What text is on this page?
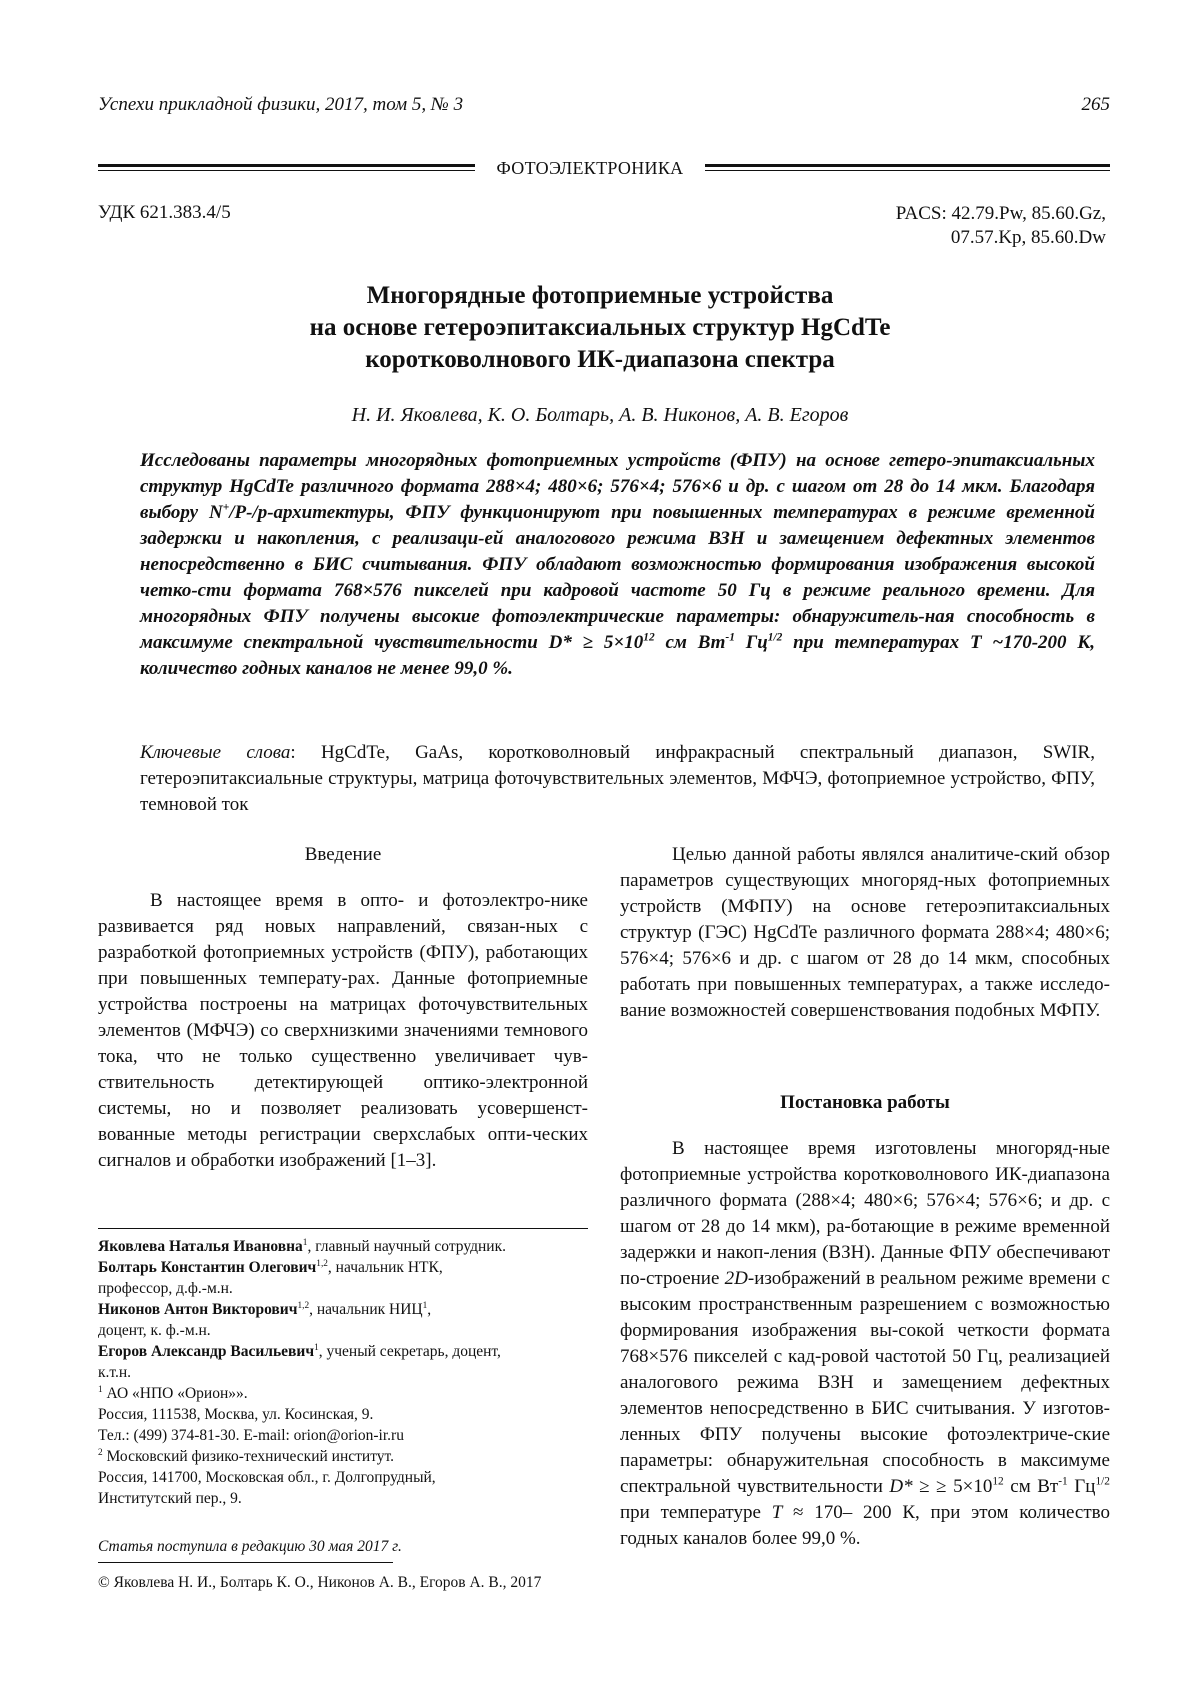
Успехи прикладной физики, 2017, том 5, № 3	265
ФОТОЭЛЕКТРОНИКА
УДК 621.383.4/5	PACS: 42.79.Pw, 85.60.Gz,
07.57.Kp, 85.60.Dw
Многорядные фотоприемные устройства
на основе гетероэпитаксиальных структур HgCdTe
коротковолнового ИК-диапазона спектра
Н. И. Яковлева, К. О. Болтарь, А. В. Никонов, А. В. Егоров
Исследованы параметры многорядных фотоприемных устройств (ФПУ) на основе гетеро-эпитаксиальных структур HgCdTe различного формата 288×4; 480×6; 576×4; 576×6 и др. с шагом от 28 до 14 мкм. Благодаря выбору N+/P-/p-архитектуры, ФПУ функционируют при повышенных температурах в режиме временной задержки и накопления, с реализаци-ей аналогового режима ВЗН и замещением дефектных элементов непосредственно в БИС считывания. ФПУ обладают возможностью формирования изображения высокой четко-сти формата 768×576 пикселей при кадровой частоте 50 Гц в режиме реального времени. Для многорядных ФПУ получены высокие фотоэлектрические параметры: обнаружитель-ная способность в максимуме спектральной чувствительности $D* \ge 5\times 10^{12}$ см $Вт^{-1}$ $Гц^{1/2}$ при температурах T ~170-200 К, количество годных каналов не менее 99,0 %.
Ключевые слова: HgCdTe, GaAs, коротковолновый инфракрасный спектральный диапазон, SWIR, гетероэпитаксиальные структуры, матрица фоточувствительных элементов, МФЧЭ, фотоприемное устройство, ФПУ, темновой ток
Введение
В настоящее время в опто- и фотоэлектро-нике развивается ряд новых направлений, связан-ных с разработкой фотоприемных устройств (ФПУ), работающих при повышенных температу-рах. Данные фотоприемные устройства построены на матрицах фоточувствительных элементов (МФЧЭ) со сверхнизкими значениями темнового тока, что не только существенно увеличивает чув-ствительность детектирующей оптико-электронной системы, но и позволяет реализовать усовершенст-вованные методы регистрации сверхслабых опти-ческих сигналов и обработки изображений [1–3].
Яковлева Наталья Ивановна$^1$, главный научный сотрудник.
Болтарь Константин Олегович$^{1,2}$, начальник НТК,
профессор, д.ф.-м.н.
Никонов Антон Викторович$^{1,2}$, начальник НИЦ$^1$,
доцент, к. ф.-м.н.
Егоров Александр Васильевич$^1$, ученый секретарь, доцент,
к.т.н.
$^1$ АО «НПО «Орион»».
Россия, 111538, Москва, ул. Косинская, 9.
Тел.: (499) 374-81-30. E-mail: orion@orion-ir.ru
$^2$ Московский физико-технический институт.
Россия, 141700, Московская обл., г. Долгопрудный,
Институтский пер., 9.
Статья поступила в редакцию 30 мая 2017 г.
© Яковлева Н. И., Болтарь К. О., Никонов А. В., Егоров А. В., 2017
Целью данной работы являлся аналитиче-ский обзор параметров существующих многоряд-ных фотоприемных устройств (МФПУ) на основе гетероэпитаксиальных структур (ГЭС) HgCdTe различного формата 288×4; 480×6; 576×4; 576×6 и др. с шагом от 28 до 14 мкм, способных работать при повышенных температурах, а также исследо-вание возможностей совершенствования подобных МФПУ.
Постановка работы
В настоящее время изготовлены многоряд-ные фотоприемные устройства коротковолнового ИК-диапазона различного формата (288×4; 480×6; 576×4; 576×6; и др. с шагом от 28 до 14 мкм), ра-ботающие в режиме временной задержки и накоп-ления (ВЗН). Данные ФПУ обеспечивают по-строение 2D-изображений в реальном режиме времени с высоким пространственным разрешением с возможностью формирования изображения вы-сокой четкости формата 768×576 пикселей с кад-ровой частотой 50 Гц, реализацией аналогового режима ВЗН и замещением дефектных элементов непосредственно в БИС считывания. У изготов-ленных ФПУ получены высокие фотоэлектриче-ские параметры: обнаружительная способность в максимуме спектральной чувствительности D* ≥ ≥ $5\times 10^{12}$ см $Вт^{-1}$ $Гц^{1/2}$ при температуре T ≈ 170– 200 К, при этом количество годных каналов более 99,0 %.
